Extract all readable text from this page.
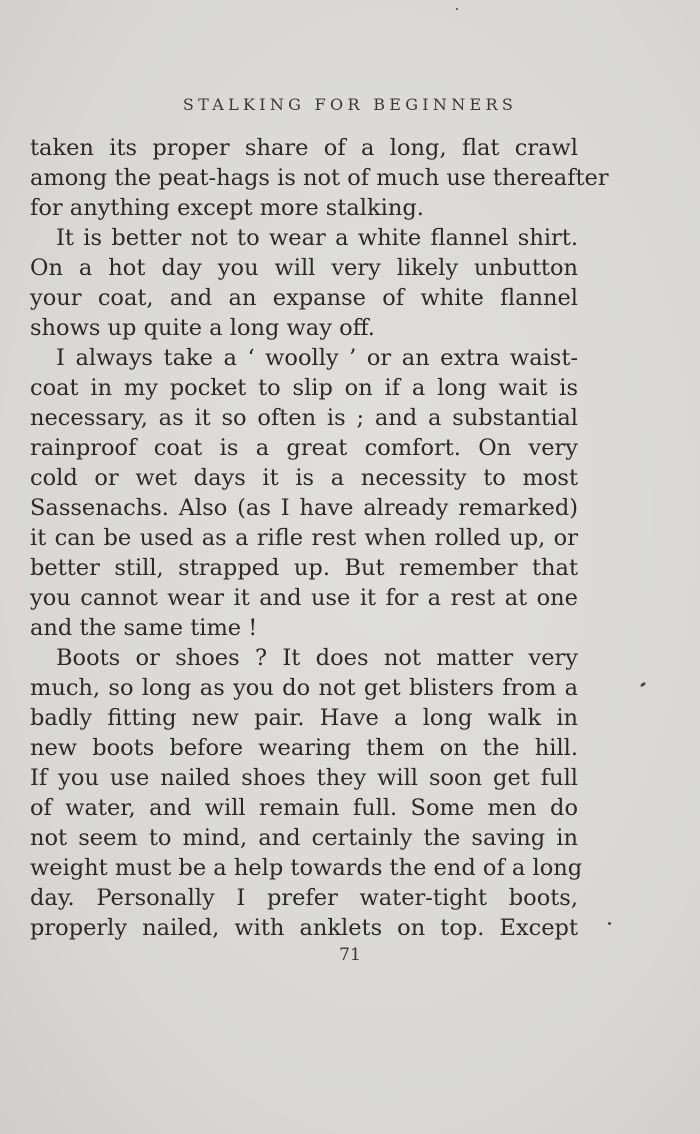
STALKING FOR BEGINNERS
taken its proper share of a long, flat crawl
among the peat-hags is not of much use thereafter
for anything except more stalking.
It is better not to wear a white flannel shirt.
On a hot day you will very likely unbutton
your coat, and an expanse of white flannel
shows up quite a long way off.
I always take a ‘ woolly ’ or an extra waist-
coat in my pocket to slip on if a long wait is
necessary, as it so often is ; and a substantial
rainproof coat is a great comfort. On very
cold or wet days it is a necessity to most
Sassenachs. Also (as I have already remarked)
it can be used as a rifle rest when rolled up, or
better still, strapped up. But remember that
you cannot wear it and use it for a rest at one
and the same time !
Boots or shoes ? It does not matter very
much, so long as you do not get blisters from a
badly fitting new pair. Have a long walk in
new boots before wearing them on the hill.
If you use nailed shoes they will soon get full
of water, and will remain full. Some men do
not seem to mind, and certainly the saving in
weight must be a help towards the end of a long
day. Personally I prefer water-tight boots,
properly nailed, with anklets on top. Except
71
